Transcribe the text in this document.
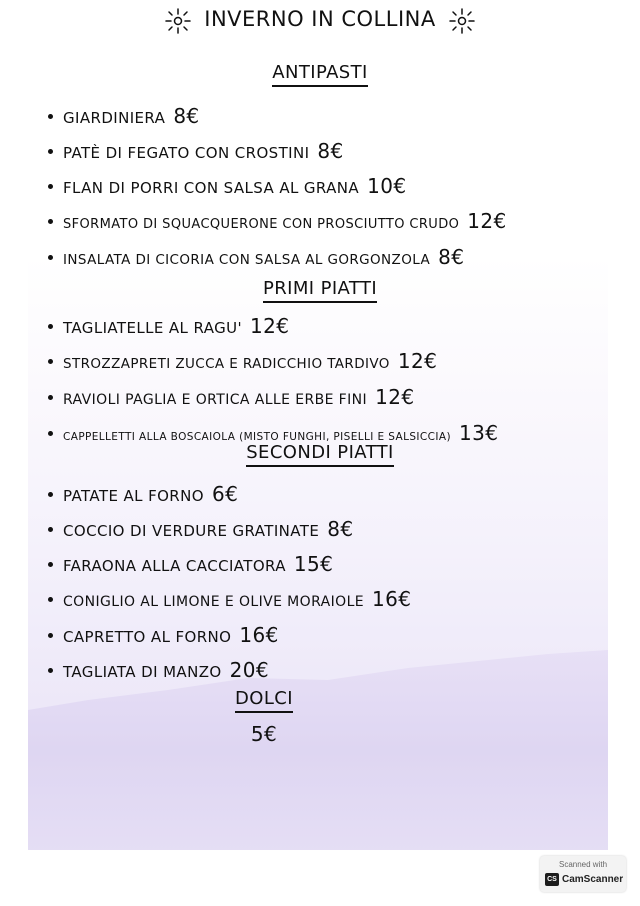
INVERNO IN COLLINA
ANTIPASTI
GIARDINIERA 8€
PATÈ DI FEGATO CON CROSTINI 8€
FLAN DI PORRI CON SALSA AL GRANA 10€
SFORMATO DI SQUACQUERONE CON PROSCIUTTO CRUDO 12€
INSALATA DI CICORIA CON SALSA AL GORGONZOLA 8€
PRIMI PIATTI
TAGLIATELLE AL RAGU' 12€
STROZZAPRETI ZUCCA E RADICCHIO TARDIVO 12€
RAVIOLI PAGLIA E ORTICA ALLE ERBE FINI 12€
CAPPELLETTI ALLA BOSCAIOLA (MISTO FUNGHI, PISELLI E SALSICCIA) 13€
SECONDI PIATTI
PATATE AL FORNO 6€
COCCIO DI VERDURE GRATINATE 8€
FARAONA ALLA CACCIATORA 15€
CONIGLIO AL LIMONE E OLIVE MORAIOLE 16€
CAPRETTO AL FORNO 16€
TAGLIATA DI MANZO 20€
DOLCI
5€
Scanned with
CS CamScanner
